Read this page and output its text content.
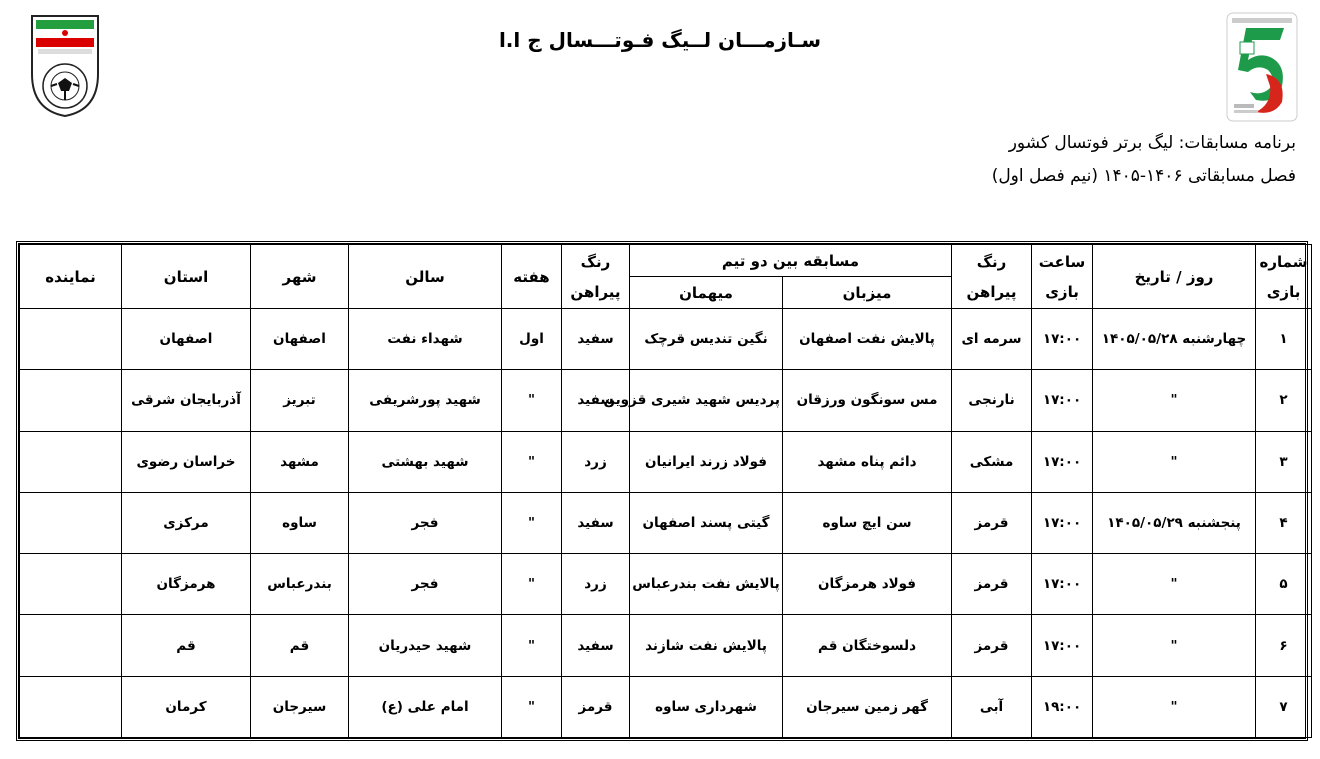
سـازمـــان لــیگ فـوتـــسال ج ا.ا
برنامه مسابقات: لیگ برتر فوتسال کشور
فصل مسابقاتی ۱۴۰۶-۱۴۰۵ (نیم فصل اول)
شماره بازی	روز / تاریخ	ساعت بازی	رنگ پیراهن	مسابقه بین دو تیم		رنگ پیراهن	هفته	سالن	شهر	استان	نماینده
				میزبان	میهمان						
۱	چهارشنبه ۱۴۰۵/۰۵/۲۸	۱۷:۰۰	سرمه ای	پالایش نفت اصفهان	نگین تندیس قرچک	سفید	اول	شهداء نفت	اصفهان	اصفهان	
۲	"	۱۷:۰۰	نارنجی	مس سونگون ورزقان	پردیس شهید شیری قزوین	سفید	"	شهید پورشریفی	تبریز	آذربایجان شرقی	
۳	"	۱۷:۰۰	مشکی	دائم پناه مشهد	فولاد زرند ایرانیان	زرد	"	شهید بهشتی	مشهد	خراسان رضوی	
۴	پنجشنبه ۱۴۰۵/۰۵/۲۹	۱۷:۰۰	قرمز	سن ایچ ساوه	گیتی پسند اصفهان	سفید	"	فجر	ساوه	مرکزی	
۵	"	۱۷:۰۰	قرمز	فولاد هرمزگان	پالایش نفت بندرعباس	زرد	"	فجر	بندرعباس	هرمزگان	
۶	"	۱۷:۰۰	قرمز	دلسوختگان قم	پالایش نفت شازند	سفید	"	شهید حیدریان	قم	قم	
۷	"	۱۹:۰۰	آبی	گهر زمین سیرجان	شهرداری ساوه	قرمز	"	امام علی (ع)	سیرجان	کرمان	
